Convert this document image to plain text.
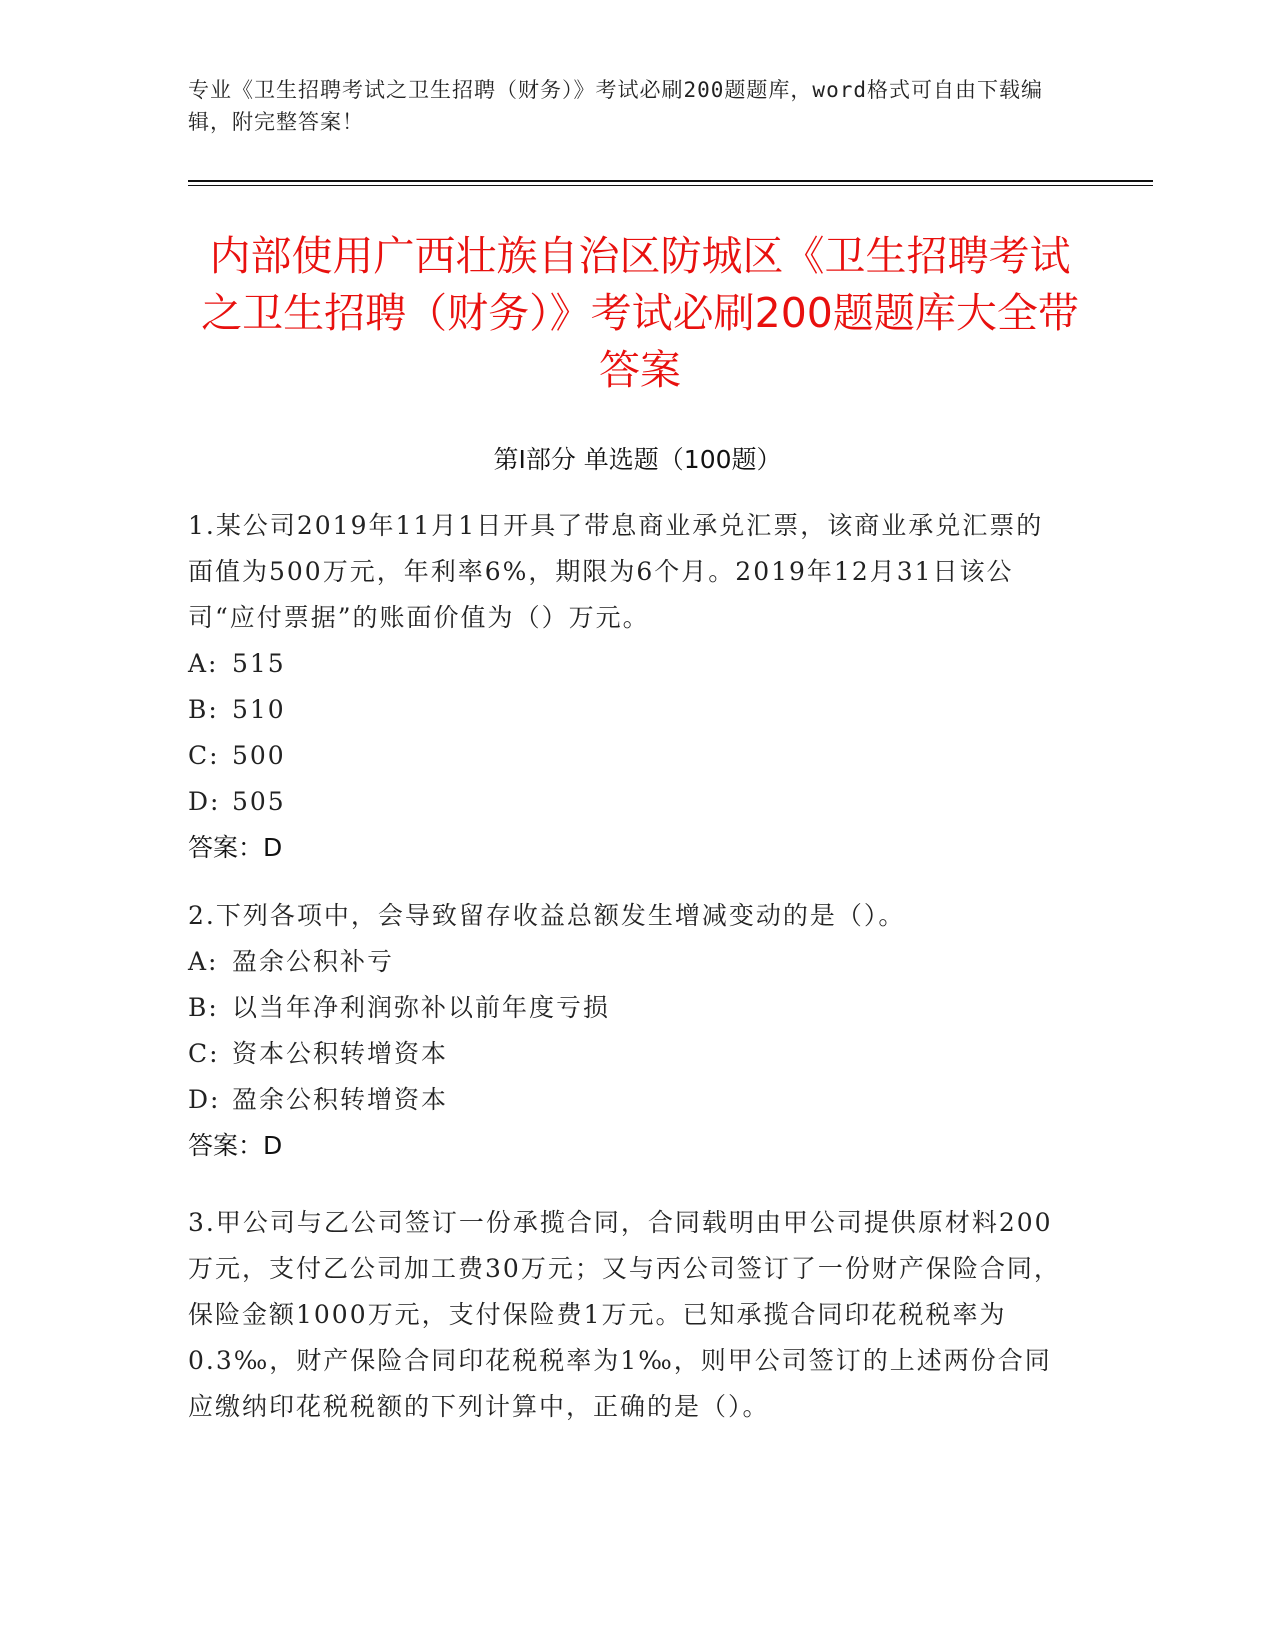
专业《卫生招聘考试之卫生招聘（财务）》考试必刷200题题库，word格式可自由下载编辑，附完整答案！
内部使用广西壮族自治区防城区《卫生招聘考试之卫生招聘（财务）》考试必刷200题题库大全带答案
第I部分 单选题（100题）

1.某公司2019年11月1日开具了带息商业承兑汇票，该商业承兑汇票的面值为500万元，年利率6%，期限为6个月。2019年12月31日该公司“应付票据”的账面价值为（）万元。

A: 515

B: 510

C: 500

D: 505

答案：D

2.下列各项中，会导致留存收益总额发生增减变动的是（）。

A: 盈余公积补亏

B: 以当年净利润弥补以前年度亏损

C: 资本公积转增资本

D: 盈余公积转增资本

答案：D

3.甲公司与乙公司签订一份承揽合同，合同载明由甲公司提供原材料200万元，支付乙公司加工费30万元；又与丙公司签订了一份财产保险合同，保险金额1000万元，支付保险费1万元。已知承揽合同印花税税率为0.3‰，财产保险合同印花税税率为1‰，则甲公司签订的上述两份合同应缴纳印花税税额的下列计算中，正确的是（）。
